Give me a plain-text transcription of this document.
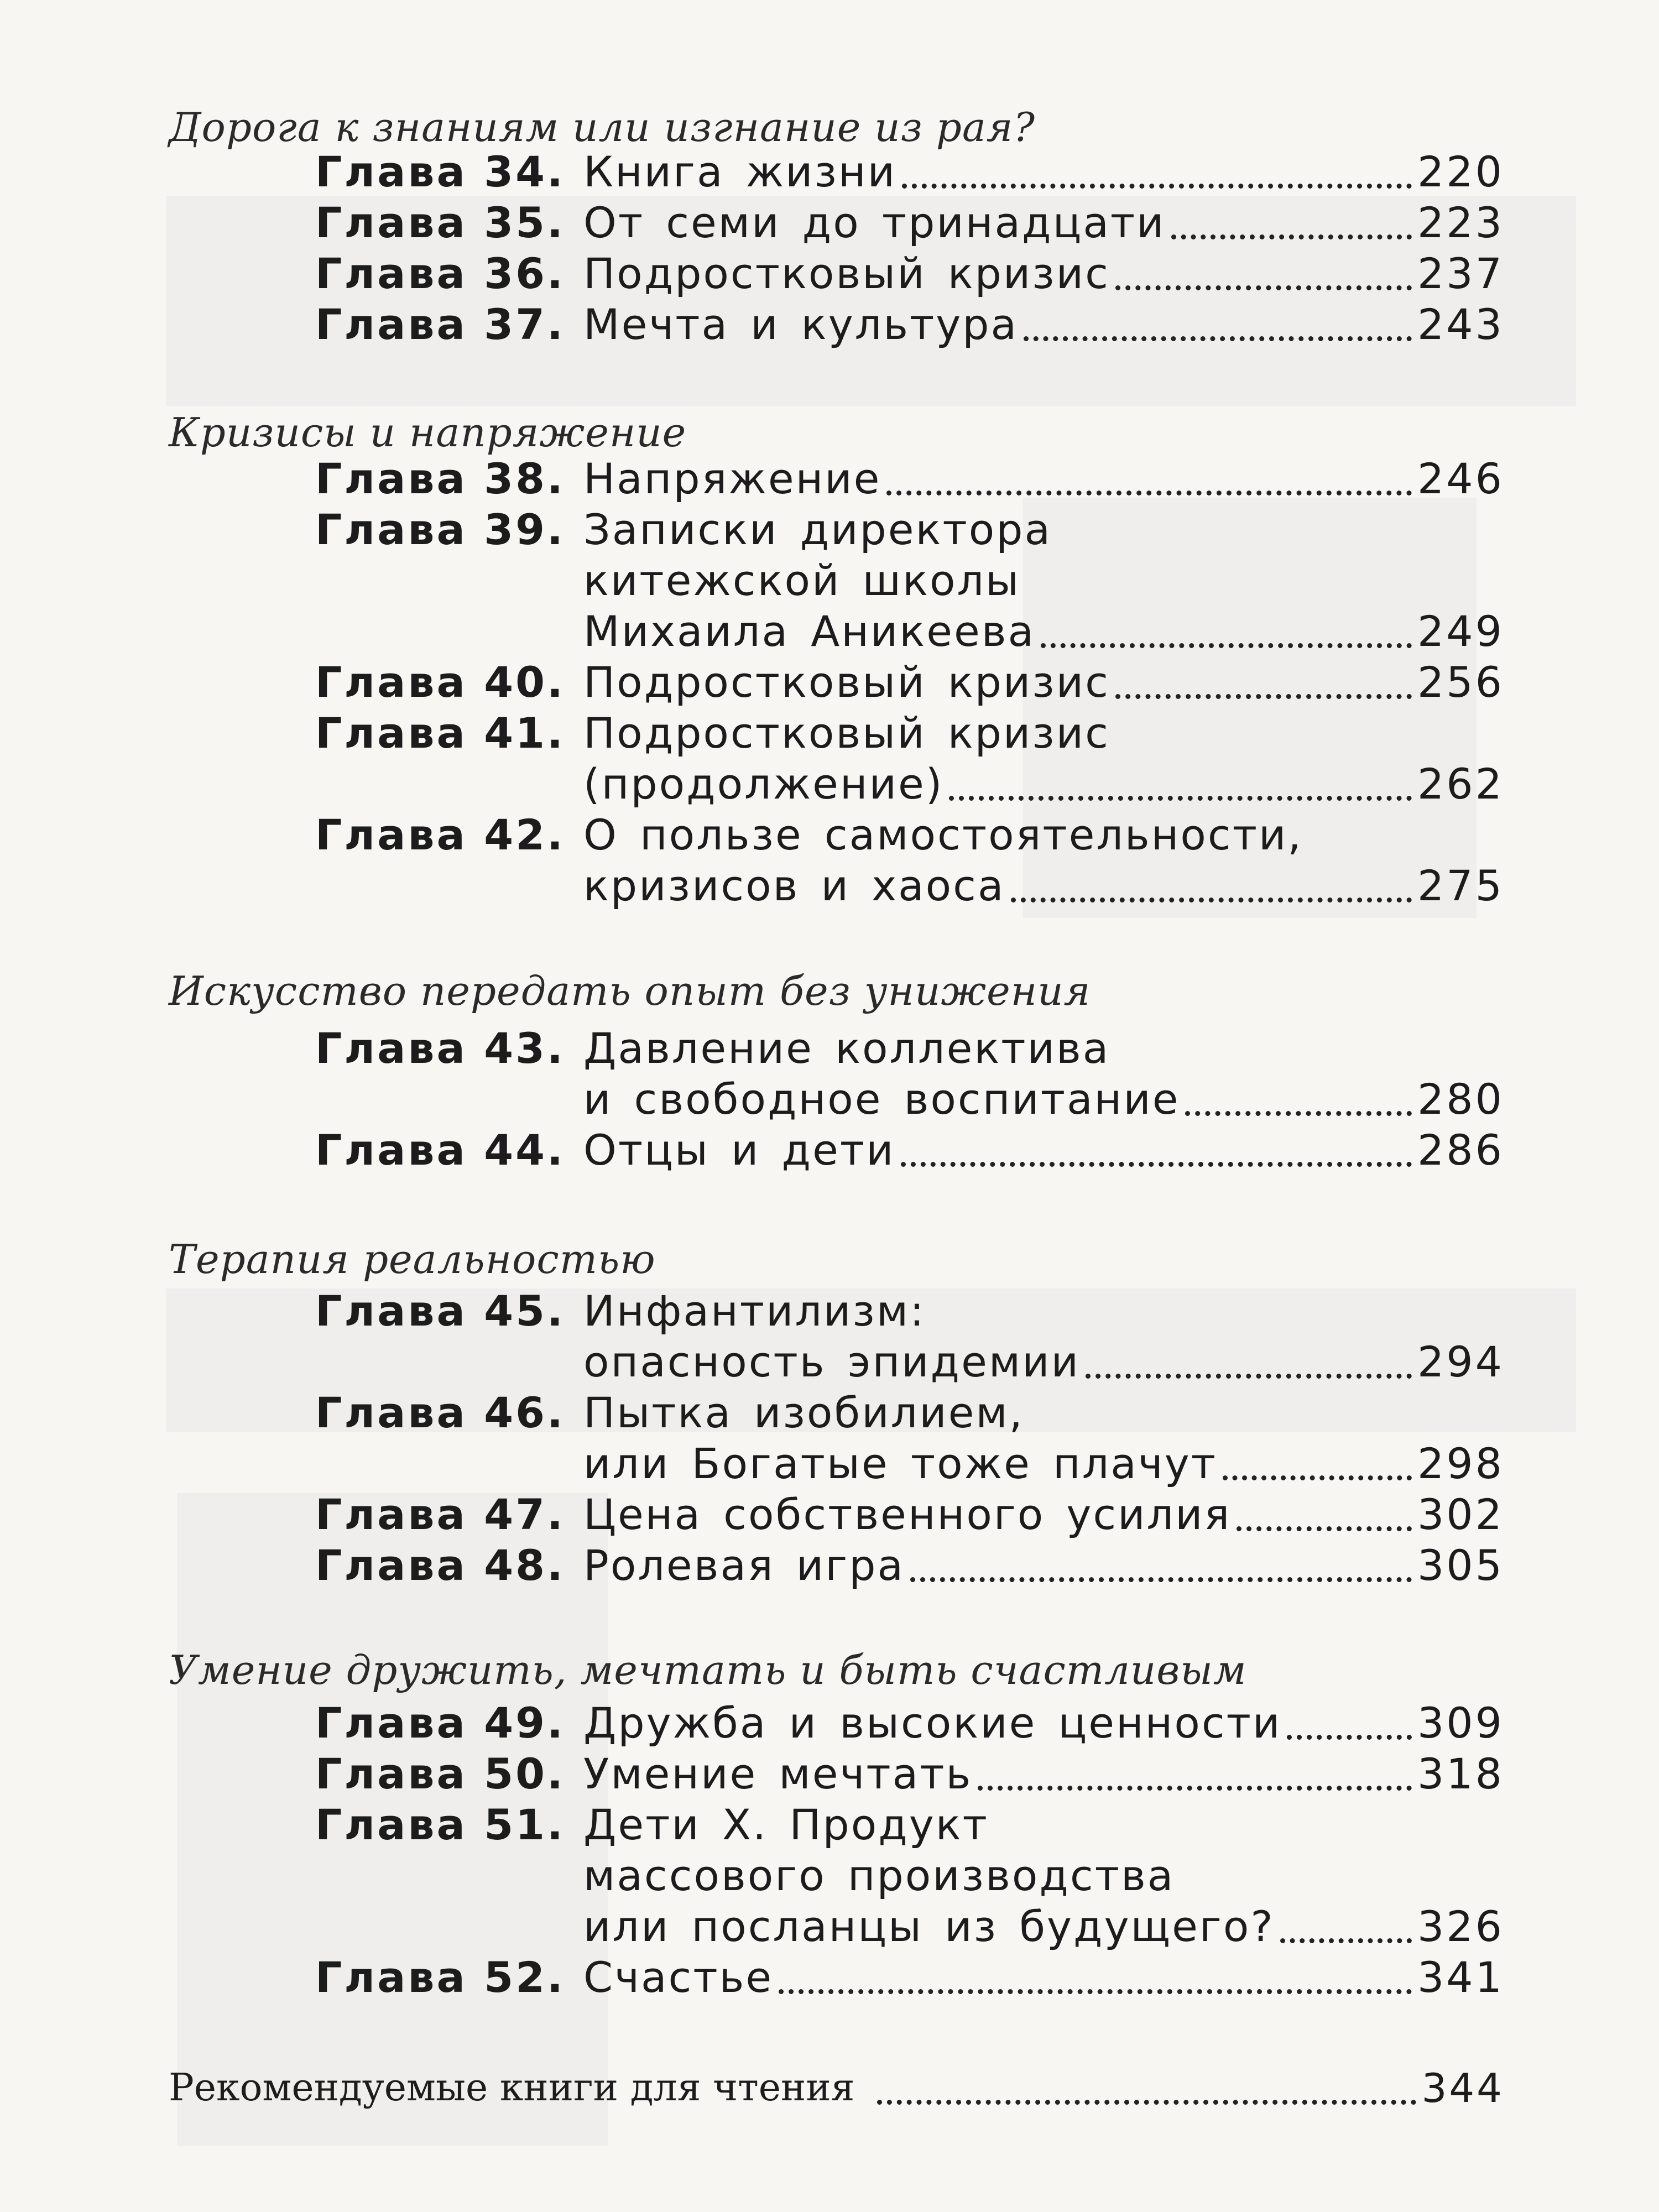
Дорога к знаниям или изгнание из рая?
Глава 34. Книга жизни	220
Глава 35. От семи до тринадцати	223
Глава 36. Подростковый кризис	237
Глава 37. Мечта и культура	243
Кризисы и напряжение
Глава 38. Напряжение	246
Глава 39. Записки директора
китежской школы
Михаила Аникеева	249
Глава 40. Подростковый кризис	256
Глава 41. Подростковый кризис
(продолжение)	262
Глава 42. О пользе самостоятельности,
кризисов и хаоса	275
Искусство передать опыт без унижения
Глава 43. Давление коллектива
и свободное воспитание	280
Глава 44. Отцы и дети	286
Терапия реальностью
Глава 45. Инфантилизм:
опасность эпидемии	294
Глава 46. Пытка изобилием,
или Богатые тоже плачут	298
Глава 47. Цена собственного усилия	302
Глава 48. Ролевая игра	305
Умение дружить, мечтать и быть счастливым
Глава 49. Дружба и высокие ценности	309
Глава 50. Умение мечтать	318
Глава 51. Дети Х. Продукт
массового производства
или посланцы из будущего?	326
Глава 52. Счастье	341
Рекомендуемые книги для чтения	344
